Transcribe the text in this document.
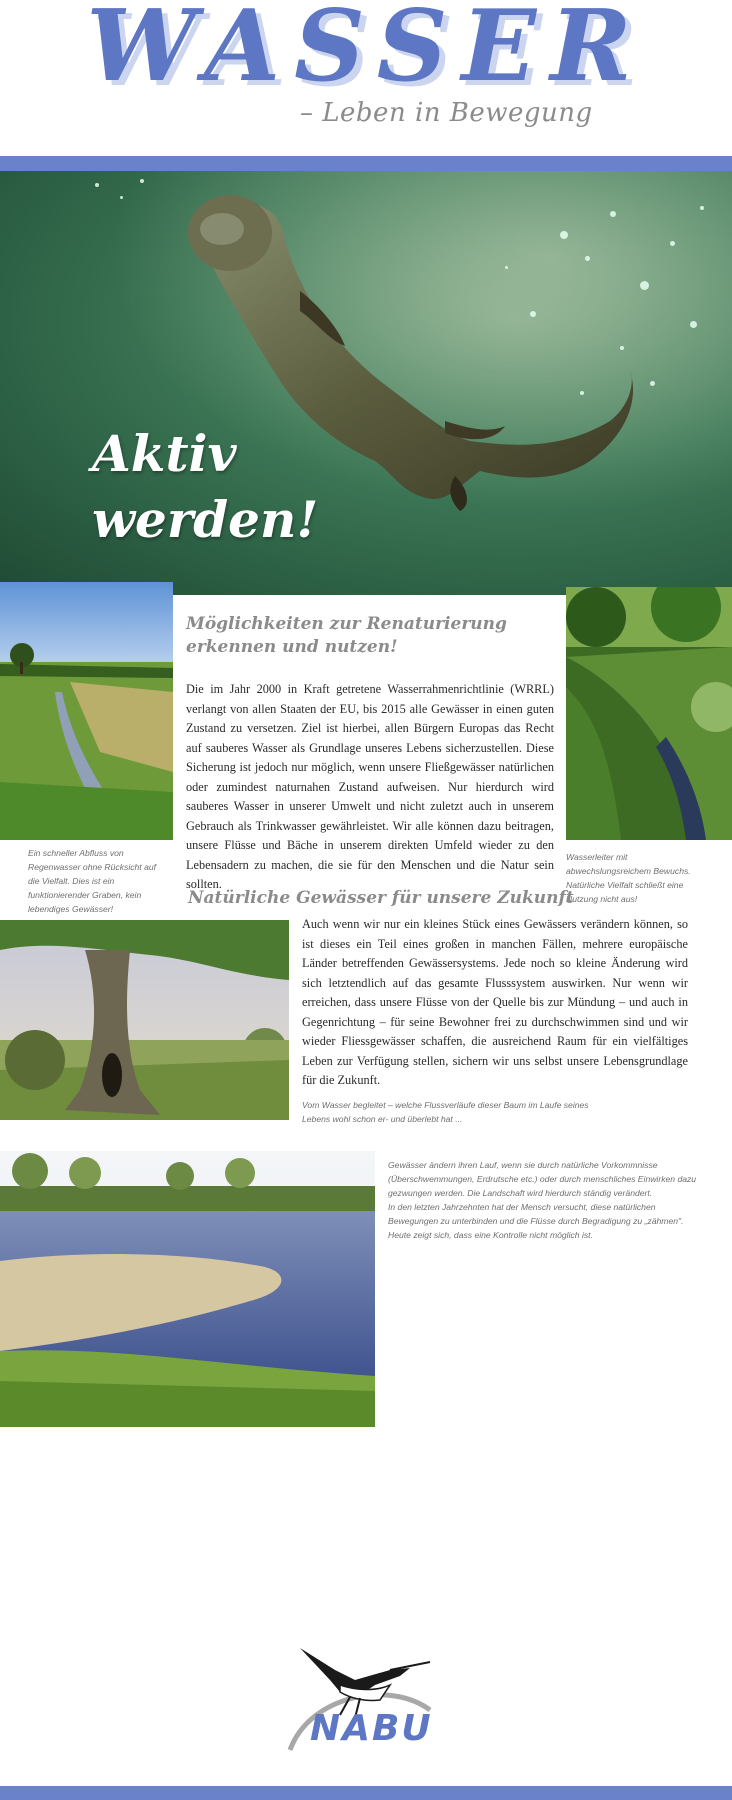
WASSER
– Leben in Bewegung
Aktiv
werden!
Ein schneller Abfluss von Regenwasser ohne Rücksicht auf die Vielfalt. Dies ist ein funktionierender Graben, kein lebendiges Gewässer!
Wasserleiter mit abwechslungsreichem Bewuchs. Natürliche Vielfalt schließt eine Nutzung nicht aus!
Möglichkeiten zur Renaturierung
erkennen und nutzen!
Die im Jahr 2000 in Kraft getretene Wasserrahmenrichtlinie (WRRL) verlangt von allen Staaten der EU, bis 2015 alle Gewässer in einen guten Zustand zu versetzen. Ziel ist hierbei, allen Bürgern Europas das Recht auf sauberes Wasser als Grundlage unseres Lebens sicherzustellen. Diese Sicherung ist jedoch nur möglich, wenn unsere Fließgewässer natürlichen oder zumindest naturnahen Zustand aufweisen. Nur hierdurch wird sauberes Wasser in unserer Umwelt und nicht zuletzt auch in unserem Gebrauch als Trinkwasser gewährleistet. Wir alle können dazu beitragen, unsere Flüsse und Bäche in unserem direkten Umfeld wieder zu den Lebensadern zu machen, die sie für den Menschen und die Natur sein sollten.
Natürliche Gewässer für unsere Zukunft
Auch wenn wir nur ein kleines Stück eines Gewässers verändern können, so ist dieses ein Teil eines großen in manchen Fällen, mehrere europäische Länder betreffenden Gewässersystems. Jede noch so kleine Änderung wird sich letztendlich auf das gesamte Flusssystem auswirken. Nur wenn wir erreichen, dass unsere Flüsse von der Quelle bis zur Mündung – und auch in Gegenrichtung – für seine Bewohner frei zu durchschwimmen sind und wir wieder Fliessgewässer schaffen, die ausreichend Raum für ein vielfältiges Leben zur Verfügung stellen, sichern wir uns selbst unsere Lebensgrundlage für die Zukunft.
Vom Wasser begleitet – welche Flussverläufe dieser Baum im Laufe seines Lebens wohl schon er- und überlebt hat ...
Gewässer ändern ihren Lauf, wenn sie durch natürliche Vorkommnisse (Überschwemmungen, Erdrutsche etc.) oder durch menschliches Einwirken dazu gezwungen werden. Die Landschaft wird hierdurch ständig verändert.
In den letzten Jahrzehnten hat der Mensch versucht, diese natürlichen Bewegungen zu unterbinden und die Flüsse durch Begradigung zu „zähmen". Heute zeigt sich, dass eine Kontrolle nicht möglich ist.
NABU
